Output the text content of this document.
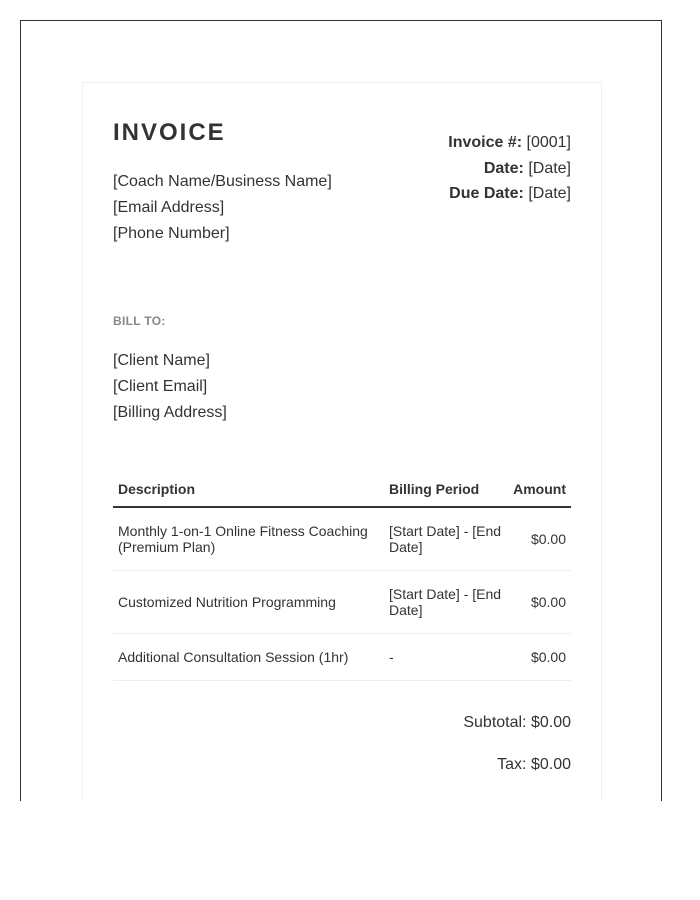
INVOICE
[Coach Name/Business Name]
[Email Address]
[Phone Number]
Invoice #: [0001]
Date: [Date]
Due Date: [Date]
BILL TO:
[Client Name]
[Client Email]
[Billing Address]
Description	Billing Period	Amount
Monthly 1-on-1 Online Fitness Coaching (Premium Plan)	[Start Date] - [End Date]	$0.00
Customized Nutrition Programming	[Start Date] - [End Date]	$0.00
Additional Consultation Session (1hr)	-	$0.00
Subtotal: $0.00
Tax: $0.00
